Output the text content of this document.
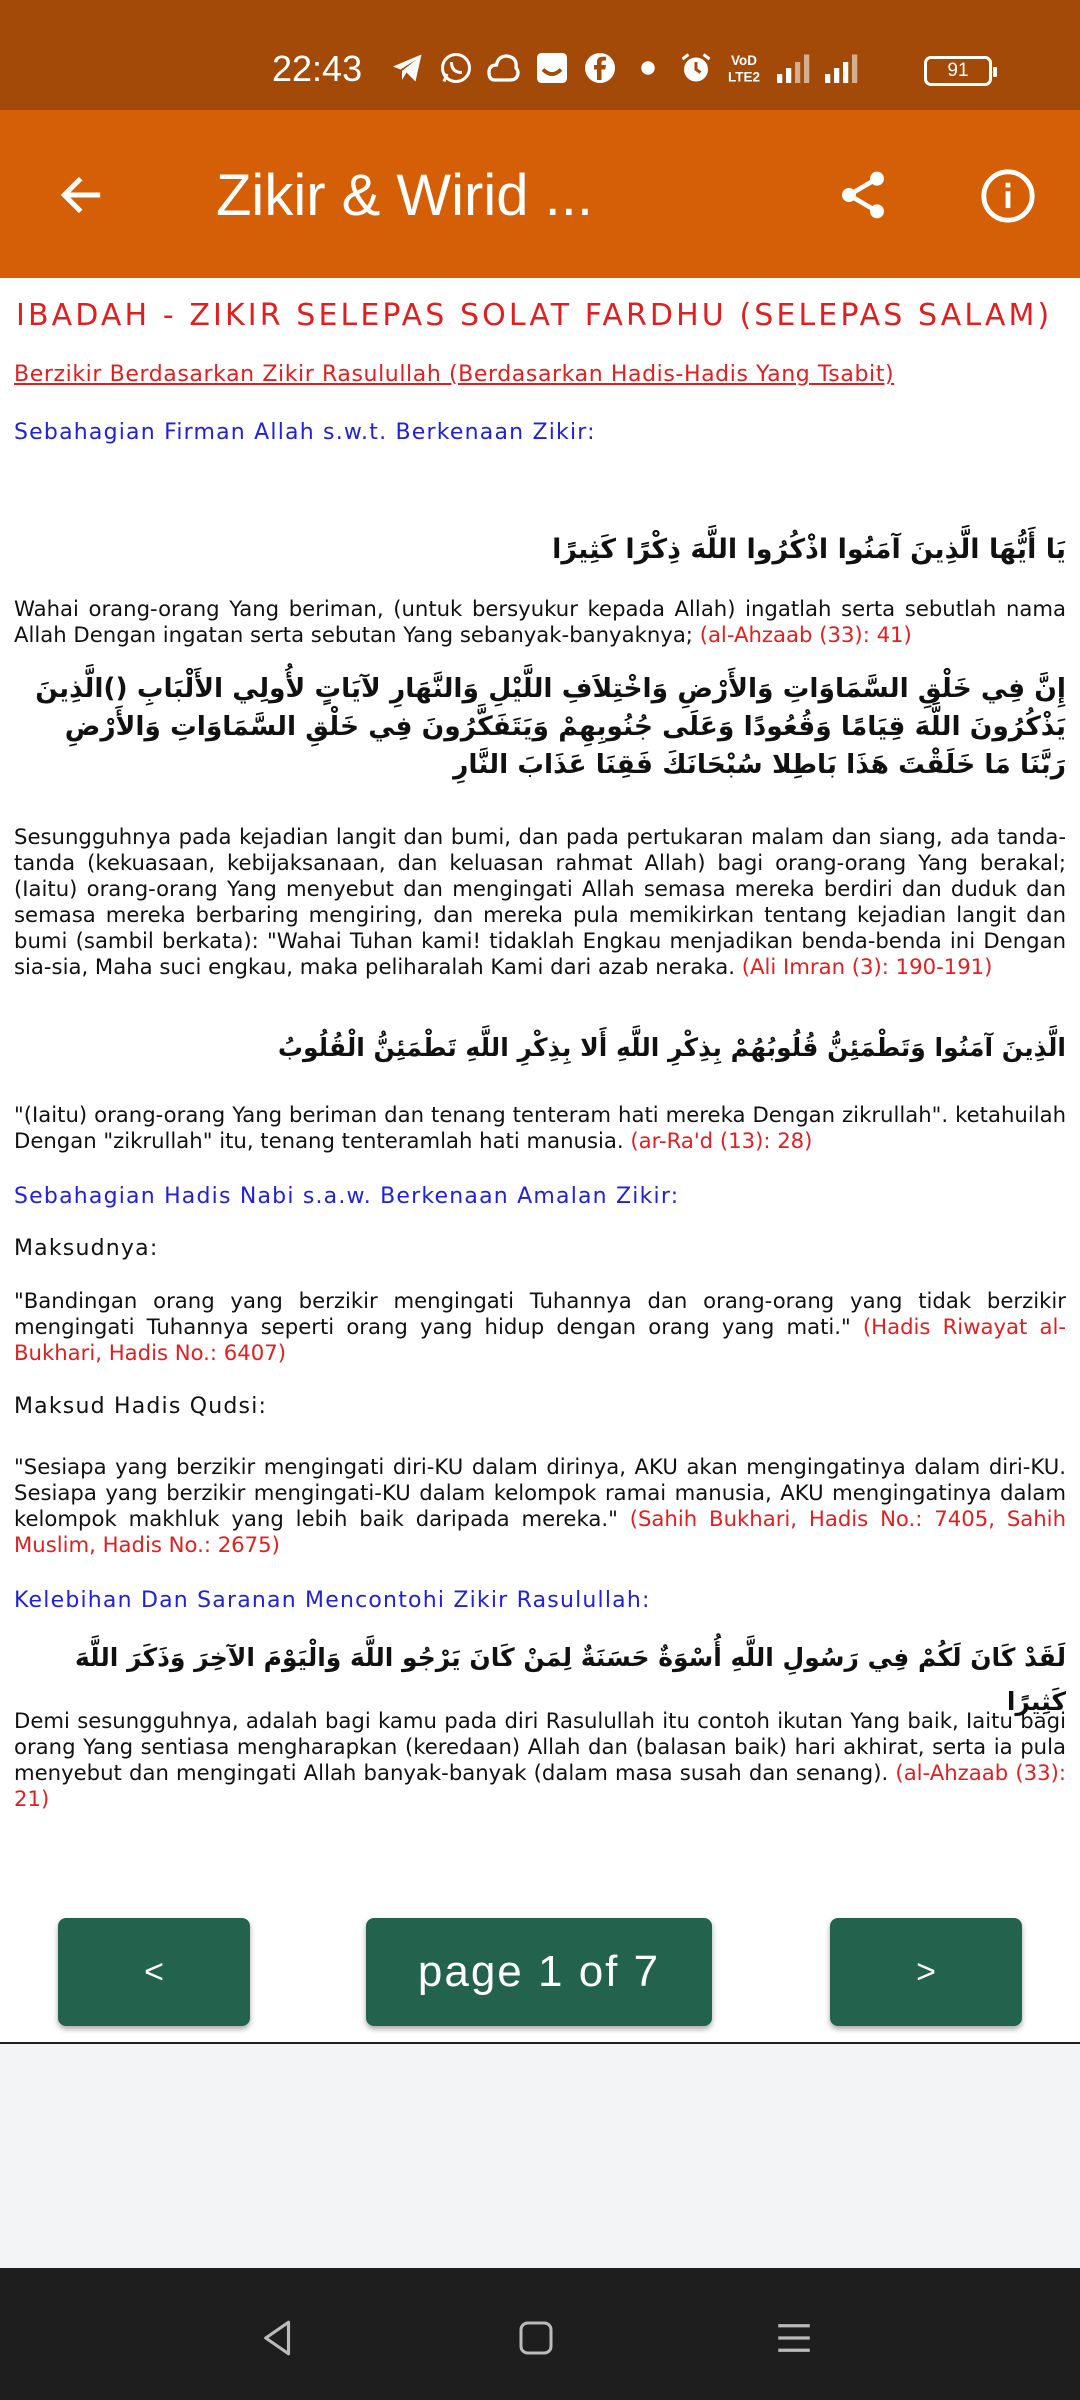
22:43	VoD
LTE2	91
Zikir & Wirid ...
IBADAH - ZIKIR SELEPAS SOLAT FARDHU (SELEPAS SALAM)
Berzikir Berdasarkan Zikir Rasulullah (Berdasarkan Hadis-Hadis Yang Tsabit)
Sebahagian Firman Allah s.w.t. Berkenaan Zikir:
يَا أَيُّهَا الَّذِينَ آمَنُوا اذْكُرُوا اللَّهَ ذِكْرًا كَثِيرًا
Wahai orang-orang Yang beriman, (untuk bersyukur kepada Allah) ingatlah serta sebutlah nama Allah Dengan ingatan serta sebutan Yang sebanyak-banyaknya; (al-Ahzaab (33): 41)
إِنَّ فِي خَلْقِ السَّمَاوَاتِ وَالأَرْضِ وَاخْتِلاَفِ اللَّيْلِ وَالنَّهَارِ لآيَاتٍ لأُولِي الأَلْبَابِ ()الَّذِينَ يَذْكُرُونَ اللَّهَ قِيَامًا وَقُعُودًا وَعَلَى جُنُوبِهِمْ وَيَتَفَكَّرُونَ فِي خَلْقِ السَّمَاوَاتِ وَالأَرْضِ رَبَّنَا مَا خَلَقْتَ هَذَا بَاطِلا سُبْحَانَكَ فَقِنَا عَذَابَ النَّارِ
Sesungguhnya pada kejadian langit dan bumi, dan pada pertukaran malam dan siang, ada tanda-tanda (kekuasaan, kebijaksanaan, dan keluasan rahmat Allah) bagi orang-orang Yang berakal; (Iaitu) orang-orang Yang menyebut dan mengingati Allah semasa mereka berdiri dan duduk dan semasa mereka berbaring mengiring, dan mereka pula memikirkan tentang kejadian langit dan bumi (sambil berkata): "Wahai Tuhan kami! tidaklah Engkau menjadikan benda-benda ini Dengan sia-sia, Maha suci engkau, maka peliharalah Kami dari azab neraka. (Ali Imran (3): 190-191)
الَّذِينَ آمَنُوا وَتَطْمَئِنُّ قُلُوبُهُمْ بِذِكْرِ اللَّهِ أَلا بِذِكْرِ اللَّهِ تَطْمَئِنُّ الْقُلُوبُ
"(Iaitu) orang-orang Yang beriman dan tenang tenteram hati mereka Dengan zikrullah". ketahuilah Dengan "zikrullah" itu, tenang tenteramlah hati manusia. (ar-Ra'd (13): 28)
Sebahagian Hadis Nabi s.a.w. Berkenaan Amalan Zikir:
Maksudnya:
"Bandingan orang yang berzikir mengingati Tuhannya dan orang-orang yang tidak berzikir mengingati Tuhannya seperti orang yang hidup dengan orang yang mati." (Hadis Riwayat al-Bukhari, Hadis No.: 6407)
Maksud Hadis Qudsi:
"Sesiapa yang berzikir mengingati diri-KU dalam dirinya, AKU akan mengingatinya dalam diri-KU. Sesiapa yang berzikir mengingati-KU dalam kelompok ramai manusia, AKU mengingatinya dalam kelompok makhluk yang lebih baik daripada mereka." (Sahih Bukhari, Hadis No.: 7405, Sahih Muslim, Hadis No.: 2675)
Kelebihan Dan Saranan Mencontohi Zikir Rasulullah:
لَقَدْ كَانَ لَكُمْ فِي رَسُولِ اللَّهِ أُسْوَةٌ حَسَنَةٌ لِمَنْ كَانَ يَرْجُو اللَّهَ وَالْيَوْمَ الآخِرَ وَذَكَرَ اللَّهَ كَثِيرًا
Demi sesungguhnya, adalah bagi kamu pada diri Rasulullah itu contoh ikutan Yang baik, Iaitu bagi orang Yang sentiasa mengharapkan (keredaan) Allah dan (balasan baik) hari akhirat, serta ia pula menyebut dan mengingati Allah banyak-banyak (dalam masa susah dan senang). (al-Ahzaab (33): 21)
<	page 1 of 7	>
